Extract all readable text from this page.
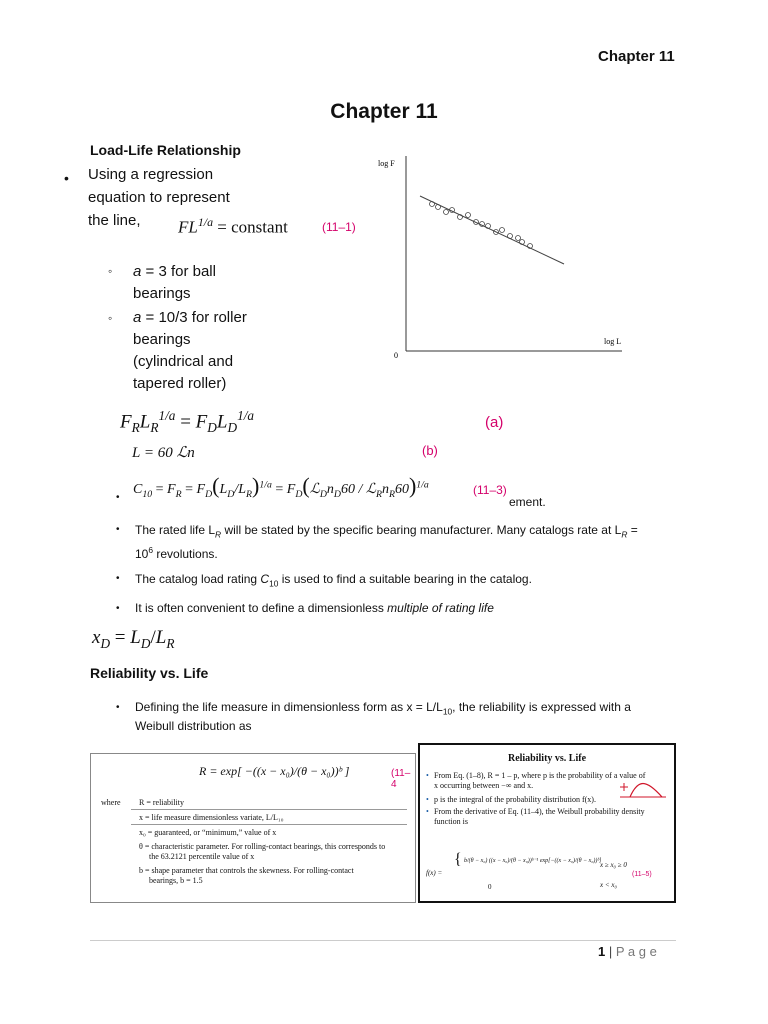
Chapter 11
Chapter 11
Load-Life Relationship
• Using a regression
equation to represent
the line, $FL^{1/a}$ = constant	(11–1)
◦ a = 3 for ball
bearings
◦ a = 10/3 for roller
bearings
(cylindrical and
tapered roller)
log F
log L
0
$F_RL_R^{1/a} = F_DL_D^{1/a}$	(a)
L = 60 ℒn	(b)
•
$C_{10} = F_R = F_D(L_D/L_R)^{1/a}$ = $F_D(ℒ_Dn_D60$ / $ℒ_Rn_R60)^{1/a}$	(11–3)
ement.
• The rated life $L_R$ will be stated by the specific bearing manufacturer. Many catalogs rate at $L_R$ =
$10^6$ revolutions.
• The catalog load rating $C_{10}$ is used to find a suitable bearing in the catalog.
• It is often convenient to define a dimensionless multiple of rating life
$x_D = L_D/L_R$
Reliability vs. Life
• Defining the life measure in dimensionless form as $x = L/L_{10}$, the reliability is expressed with a
Weibull distribution as
R = exp[ −((x − x₀)/(θ − x₀))ᵇ ]	(11–4
where R = reliability
x = life measure dimensionless variate, L/L₁₀
x₀ = guaranteed, or “minimum,” value of x
θ = characteristic parameter. For rolling-contact bearings, this corresponds to
the 63.2121 percentile value of x
b = shape parameter that controls the skewness. For rolling-contact
bearings, b = 1.5
Reliability vs. Life
• From Eq. (1–8), R = 1 – p, where p is the probability of a value of
x occurring between −∞ and x.
• p is the integral of the probability distribution f(x).
• From the derivative of Eq. (11–4), the Weibull probability density
function is
f(x) =
{ b/(θ − x₀) ((x − x₀)/(θ − x₀))ᵇ⁻¹ exp[−((x − x₀)/(θ − x₀))ᵇ]
0
x ≥ x₀ ≥ 0
x < x₀
(11–5)
1 | P a g e
